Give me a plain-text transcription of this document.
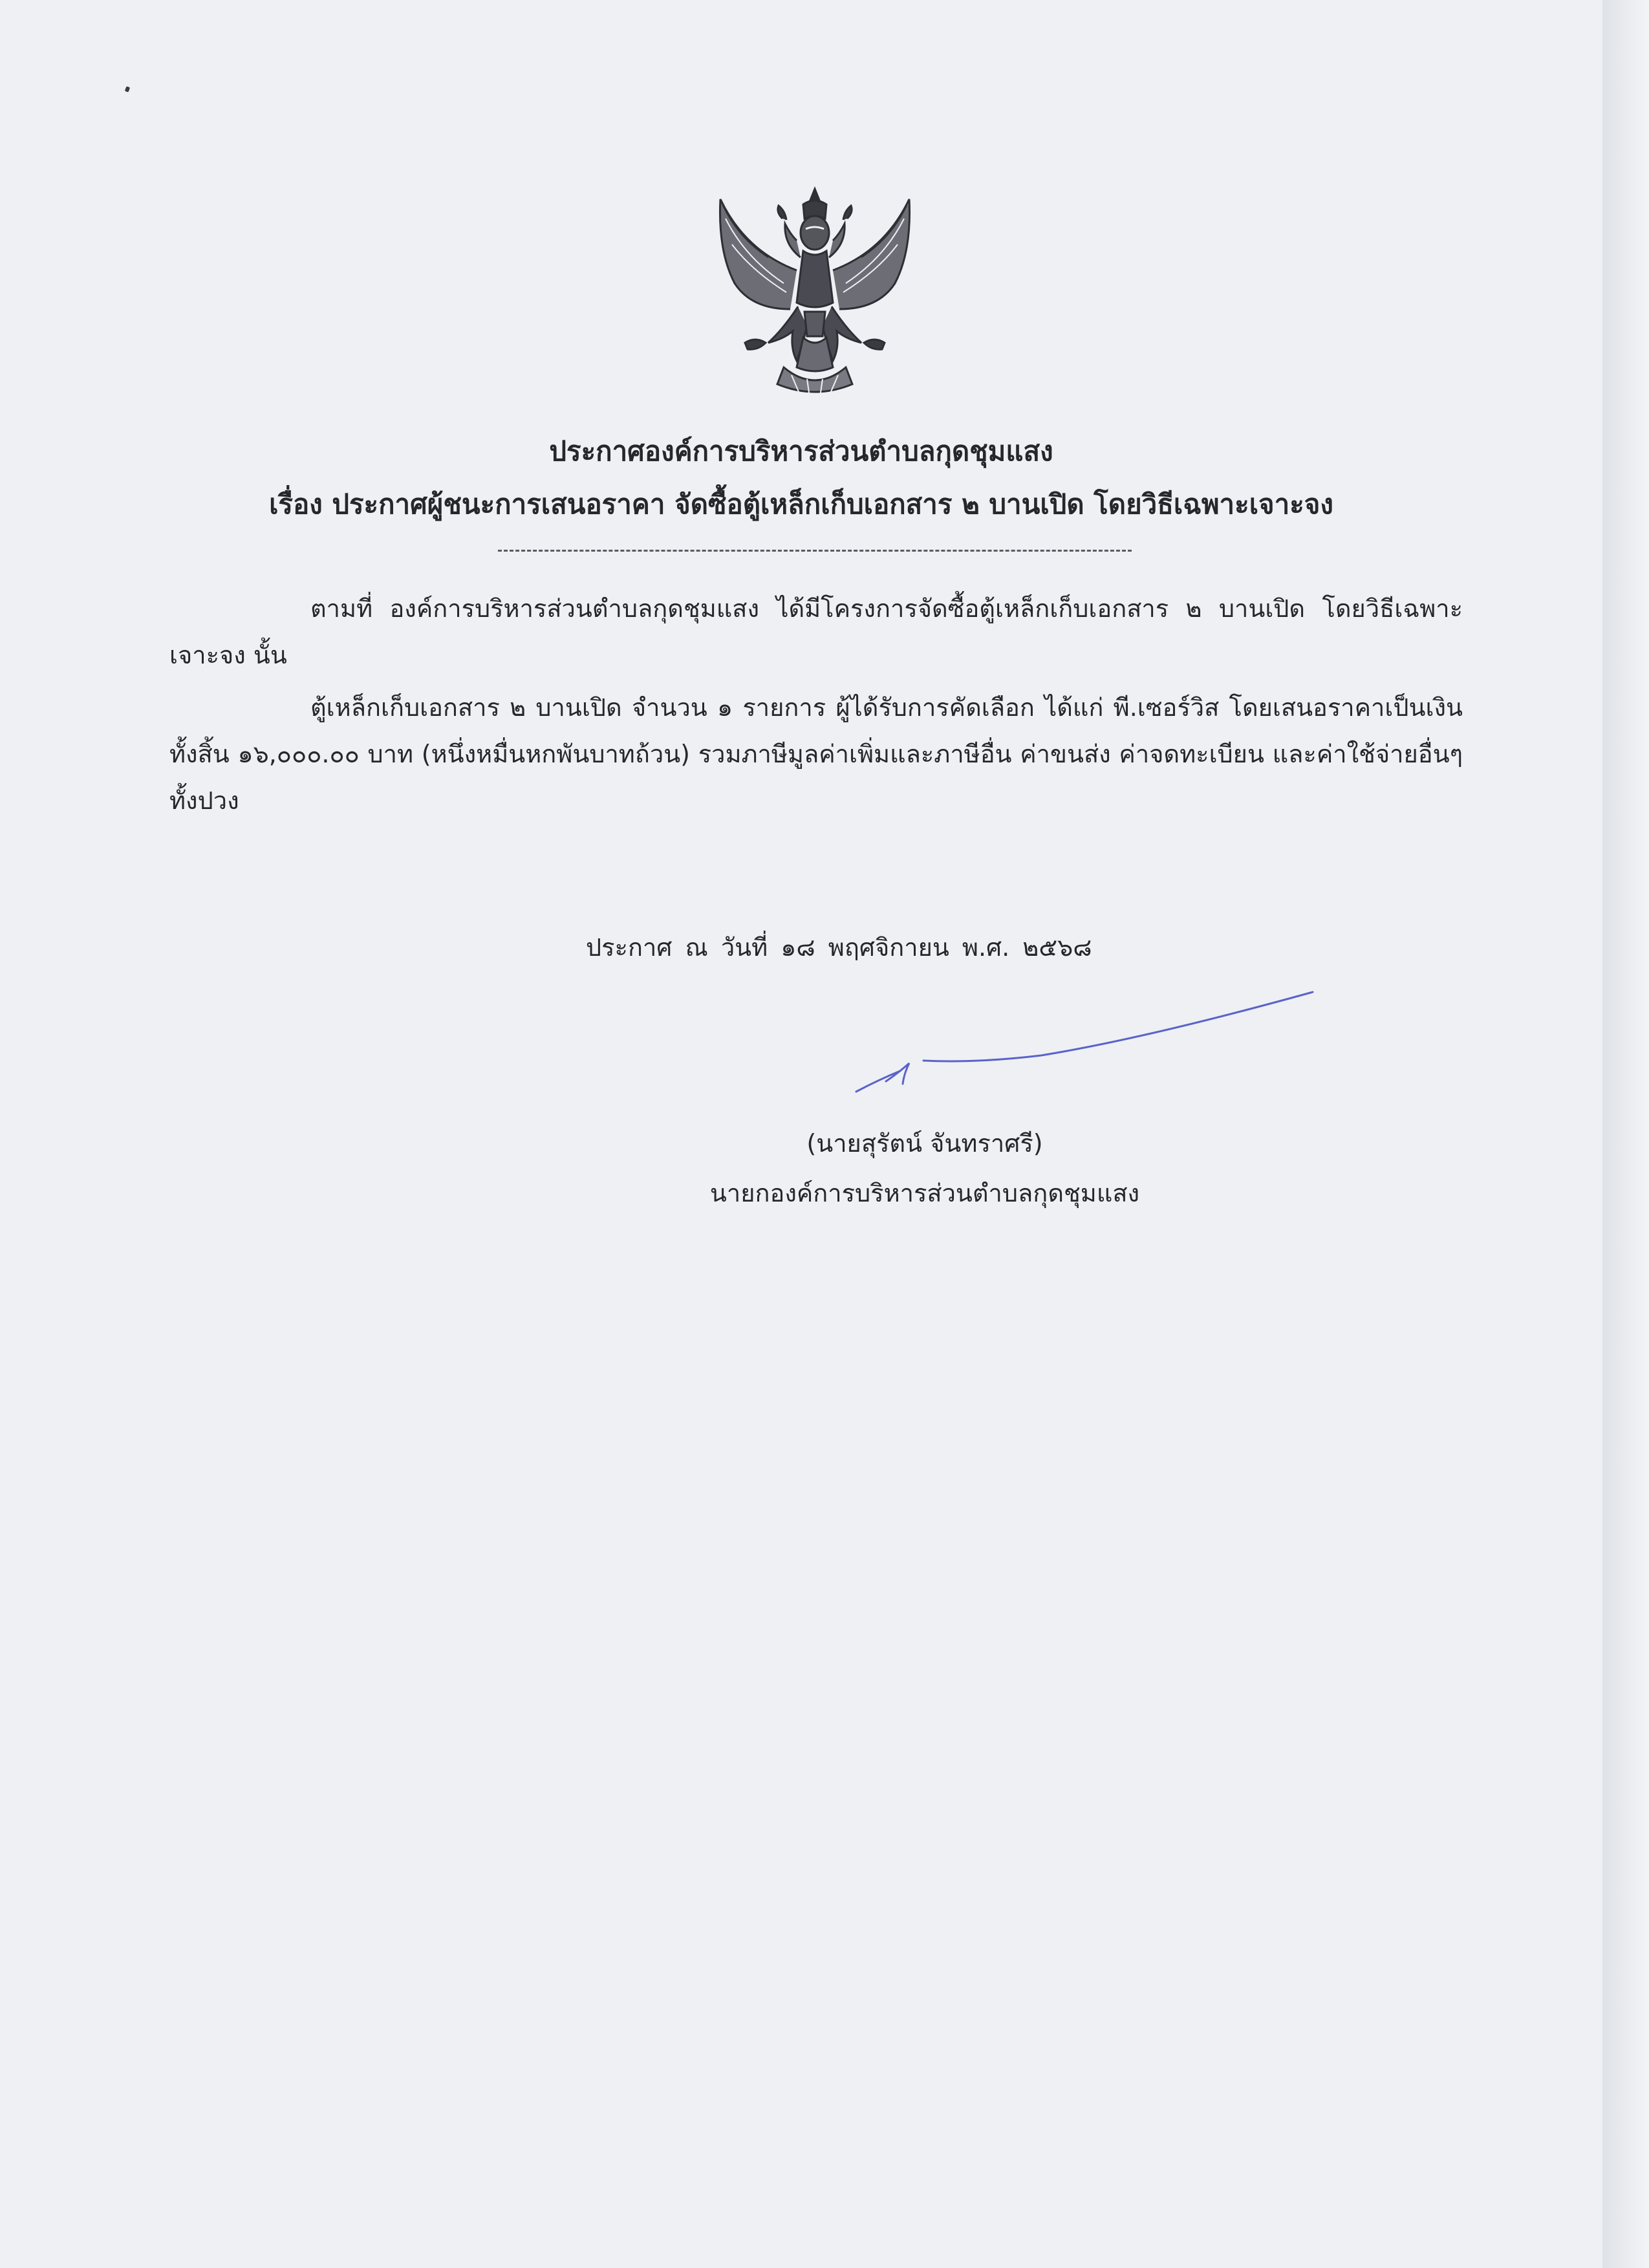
ประกาศองค์การบริหารส่วนตำบลกุดชุมแสง
เรื่อง ประกาศผู้ชนะการเสนอราคา จัดซื้อตู้เหล็กเก็บเอกสาร ๒ บานเปิด โดยวิธีเฉพาะเจาะจง
ตามที่ องค์การบริหารส่วนตำบลกุดชุมแสง ได้มีโครงการจัดซื้อตู้เหล็กเก็บเอกสาร ๒ บานเปิด โดยวิธีเฉพาะเจาะจง นั้น
ตู้เหล็กเก็บเอกสาร ๒ บานเปิด จำนวน ๑ รายการ ผู้ได้รับการคัดเลือก ได้แก่ พี.เซอร์วิส โดยเสนอราคาเป็นเงินทั้งสิ้น ๑๖,๐๐๐.๐๐ บาท (หนึ่งหมื่นหกพันบาทถ้วน) รวมภาษีมูลค่าเพิ่มและภาษีอื่น ค่าขนส่ง ค่าจดทะเบียน และค่าใช้จ่ายอื่นๆ ทั้งปวง
ประกาศ ณ วันที่ ๑๘ พฤศจิกายน พ.ศ. ๒๕๖๘
(นายสุรัตน์ จันทราศรี)
นายกองค์การบริหารส่วนตำบลกุดชุมแสง
